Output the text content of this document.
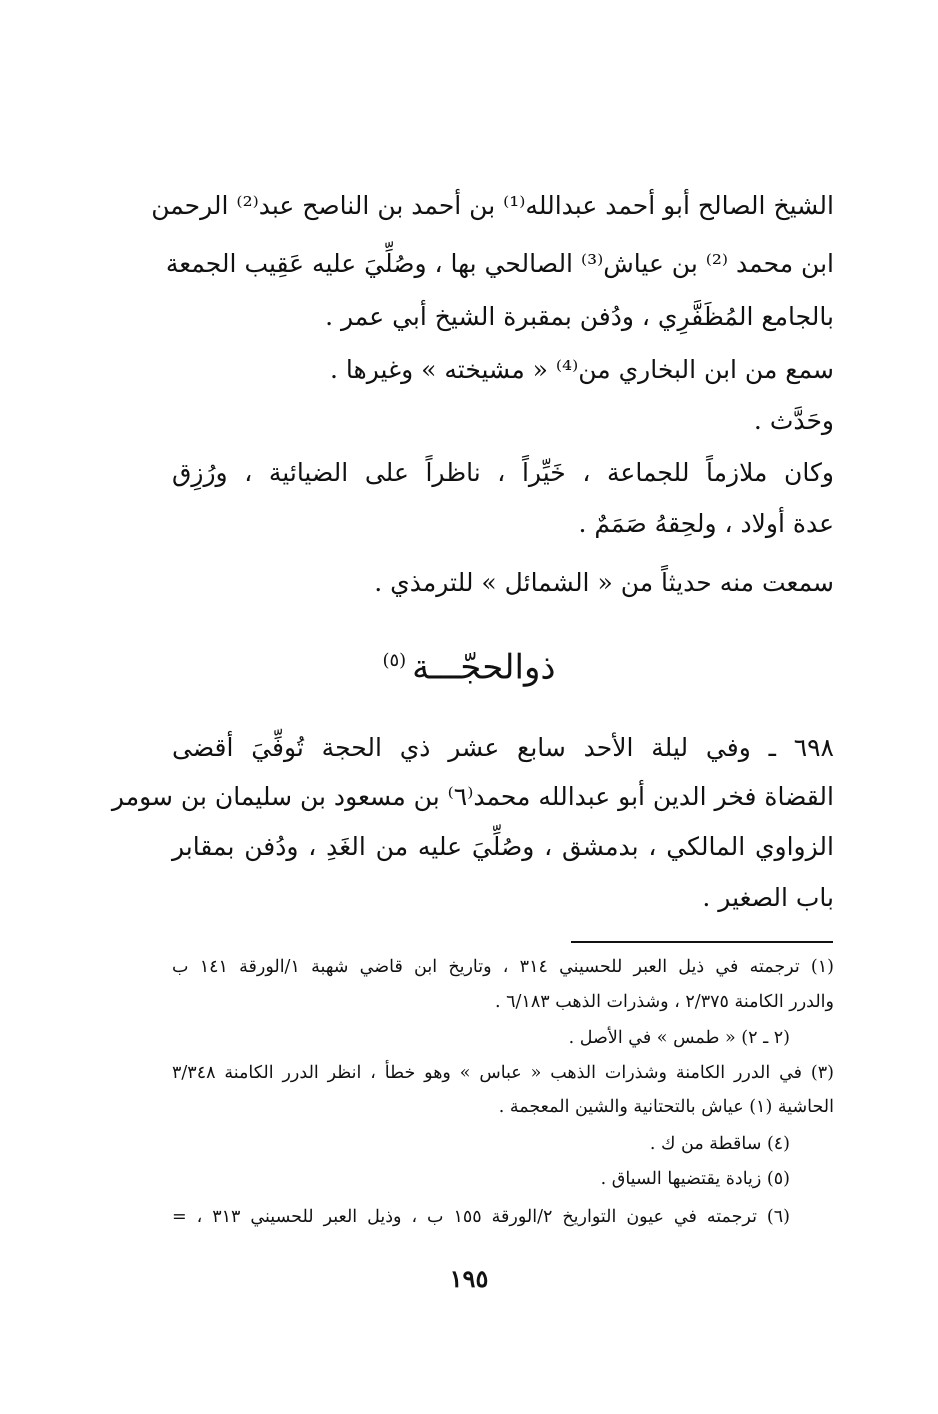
الشيخ الصالح أبو أحمد عبدالله⁽¹⁾ بن أحمد بن الناصح عبد⁽²⁾ الرحمن
ابن محمد ⁽²⁾ بن عياش⁽³⁾ الصالحي بها ، وصُلِّيَ عليه عَقِيب الجمعة
بالجامع المُظَفَّرِي ، ودُفن بمقبرة الشيخ أبي عمر .
سمع من ابن البخاري من⁽⁴⁾ « مشيخته » وغيرها .
وحَدَّث .
وكان ملازماً للجماعة ، خَيِّراً ، ناظراً على الضيائية ، ورُزِق
عدة أولاد ، ولحِقهُ صَمَمٌ .
سمعت منه حديثاً من « الشمائل » للترمذي .
ذوالحجّـــة$^{(٥)}$
٦٩٨ ـ وفي ليلة الأحد سابع عشر ذي الحجة تُوفِّيَ أقضى
القضاة فخر الدين أبو عبدالله محمد⁽٦⁾ بن مسعود بن سليمان بن سومر
الزواوي المالكي ، بدمشق ، وصُلِّيَ عليه من الغَدِ ، ودُفن بمقابر
باب الصغير .
(١) ترجمته في ذيل العبر للحسيني ٣١٤ ، وتاريخ ابن قاضي شهبة ١/الورقة ١٤١ ب
والدرر الكامنة ٢/٣٧٥ ، وشذرات الذهب ٦/١٨٣ .
(٢ ـ ٢) « طمس » في الأصل .
(٣) في الدرر الكامنة وشذرات الذهب « عباس » وهو خطأ ، انظر الدرر الكامنة ٣/٣٤٨
الحاشية (١) عياش بالتحتانية والشين المعجمة .
(٤) ساقطة من ك .
(٥) زيادة يقتضيها السياق .
(٦) ترجمته في عيون التواريخ ٢/الورقة ١٥٥ ب ، وذيل العبر للحسيني ٣١٣ ، =
١٩٥
